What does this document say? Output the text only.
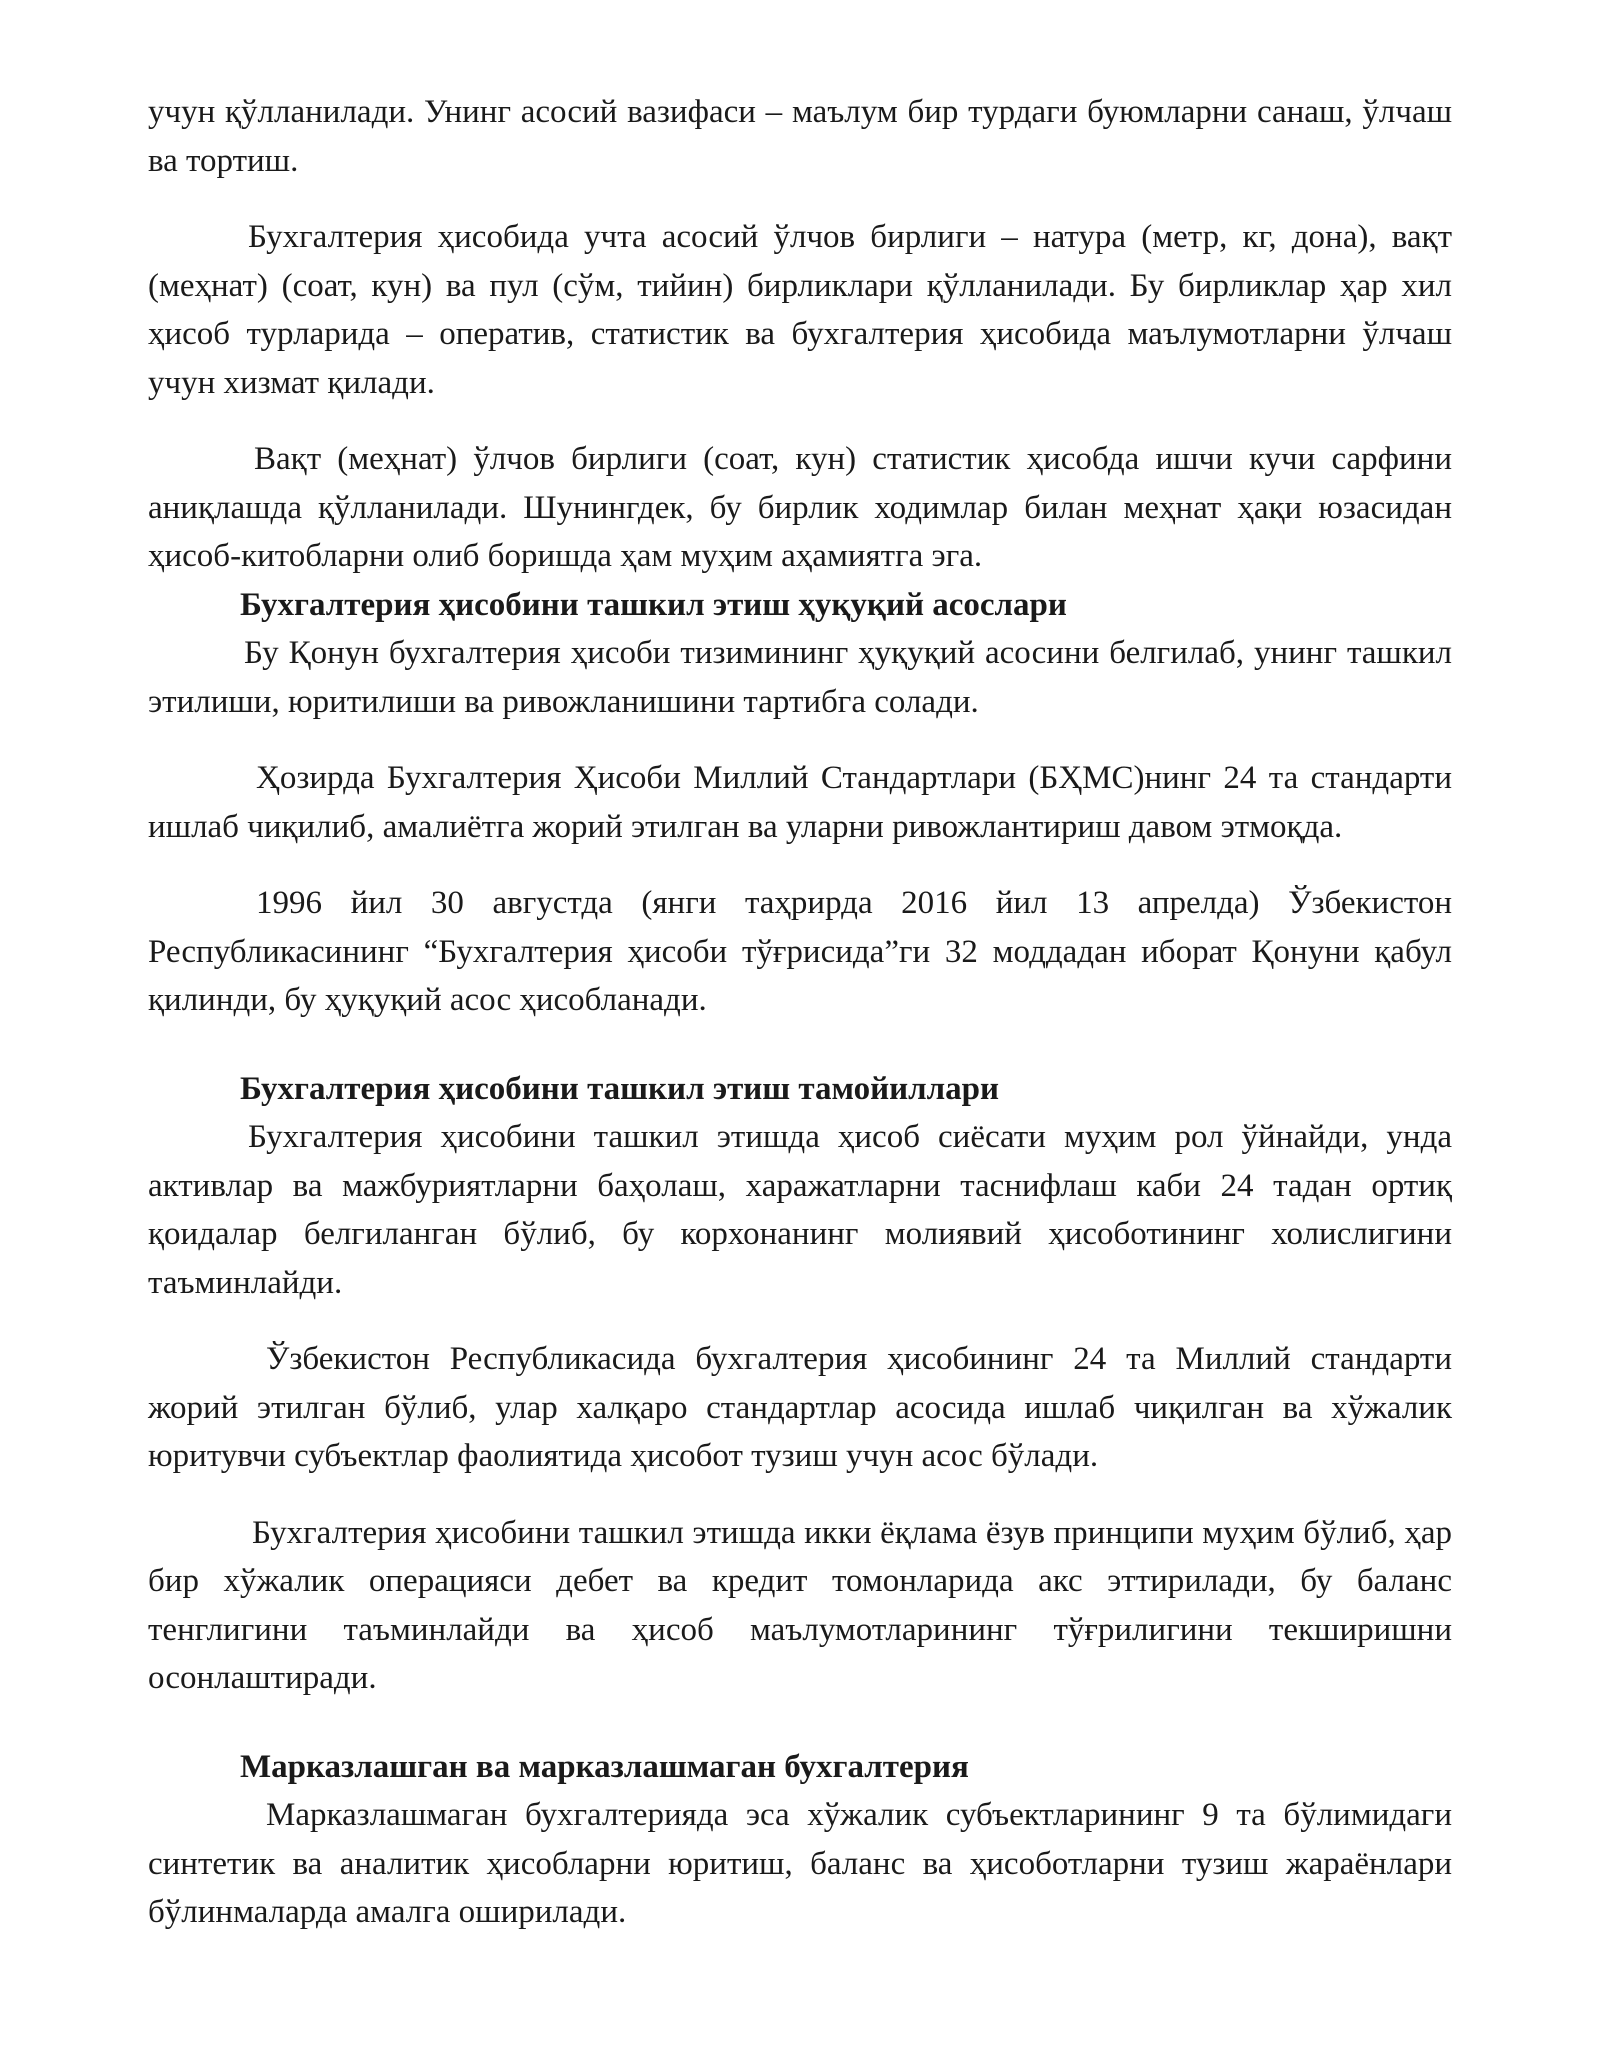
учун қўлланилади. Унинг асосий вазифаси – маълум бир турдаги буюмларни санаш, ўлчаш ва тортиш.

Бухгалтерия ҳисобида учта асосий ўлчов бирлиги – натура (метр, кг, дона), вақт (меҳнат) (соат, кун) ва пул (сўм, тийин) бирликлари қўлланилади. Бу бирликлар ҳар хил ҳисоб турларида – оператив, статистик ва бухгалтерия ҳисобида маълумотларни ўлчаш учун хизмат қилади.

Вақт (меҳнат) ўлчов бирлиги (соат, кун) статистик ҳисобда ишчи кучи сарфини аниқлашда қўлланилади. Шунингдек, бу бирлик ходимлар билан меҳнат ҳақи юзасидан ҳисоб-китобларни олиб боришда ҳам муҳим аҳамиятга эга.

Бухгалтерия ҳисобини ташкил этиш ҳуқуқий асослари

Бу Қонун бухгалтерия ҳисоби тизимининг ҳуқуқий асосини белгилаб, унинг ташкил этилиши, юритилиши ва ривожланишини тартибга солади.

Ҳозирда Бухгалтерия Ҳисоби Миллий Стандартлари (БҲМС)нинг 24 та стандарти ишлаб чиқилиб, амалиётга жорий этилган ва уларни ривожлантириш давом этмоқда.

1996 йил 30 августда (янги таҳрирда 2016 йил 13 апрелда) Ўзбекистон Республикасининг “Бухгалтерия ҳисоби тўғрисида”ги 32 моддадан иборат Қонуни қабул қилинди, бу ҳуқуқий асос ҳисобланади.

Бухгалтерия ҳисобини ташкил этиш тамойиллари

Бухгалтерия ҳисобини ташкил этишда ҳисоб сиёсати муҳим рол ўйнайди, унда активлар ва мажбуриятларни баҳолаш, харажатларни таснифлаш каби 24 тадан ортиқ қоидалар белгиланган бўлиб, бу корхонанинг молиявий ҳисоботининг холислигини таъминлайди.

Ўзбекистон Республикасида бухгалтерия ҳисобининг 24 та Миллий стандарти жорий этилган бўлиб, улар халқаро стандартлар асосида ишлаб чиқилган ва хўжалик юритувчи субъектлар фаолиятида ҳисобот тузиш учун асос бўлади.

Бухгалтерия ҳисобини ташкил этишда икки ёқлама ёзув принципи муҳим бўлиб, ҳар бир хўжалик операцияси дебет ва кредит томонларида акс эттирилади, бу баланс тенглигини таъминлайди ва ҳисоб маълумотларининг тўғрилигини текширишни осонлаштиради.

Марказлашган ва марказлашмаган бухгалтерия

Марказлашмаган бухгалтерияда эса хўжалик субъектларининг 9 та бўлимидаги синтетик ва аналитик ҳисобларни юритиш, баланс ва ҳисоботларни тузиш жараёнлари бўлинмаларда амалга оширилади.
